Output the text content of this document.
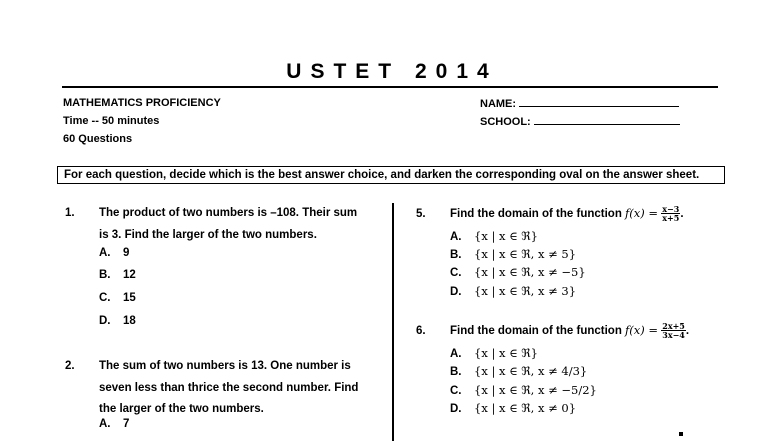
USTET 2014
MATHEMATICS PROFICIENCY
Time -- 50 minutes
60 Questions
NAME:
SCHOOL:
For each question, decide which is the best answer choice, and darken the corresponding oval on the answer sheet.
1. The product of two numbers is –108. Their sum
is 3. Find the larger of the two numbers.
A. 9
B. 12
C. 15
D. 18
2. The sum of two numbers is 13. One number is
seven less than thrice the second number. Find
the larger of the two numbers.
A. 7
5. Find the domain of the function $f(x) = \frac{x-3}{x+5}$ .
A. {x | x ∈ ℜ}
B. {x | x ∈ ℜ, x ≠ 5}
C. {x | x ∈ ℜ, x ≠ −5}
D. {x | x ∈ ℜ, x ≠ 3}
6. Find the domain of the function $f(x) = \frac{2x+5}{3x-4}$ .
A. {x | x ∈ ℜ}
B. {x | x ∈ ℜ, x ≠ 4/3}
C. {x | x ∈ ℜ, x ≠ −5/2}
D. {x | x ∈ ℜ, x ≠ 0}
